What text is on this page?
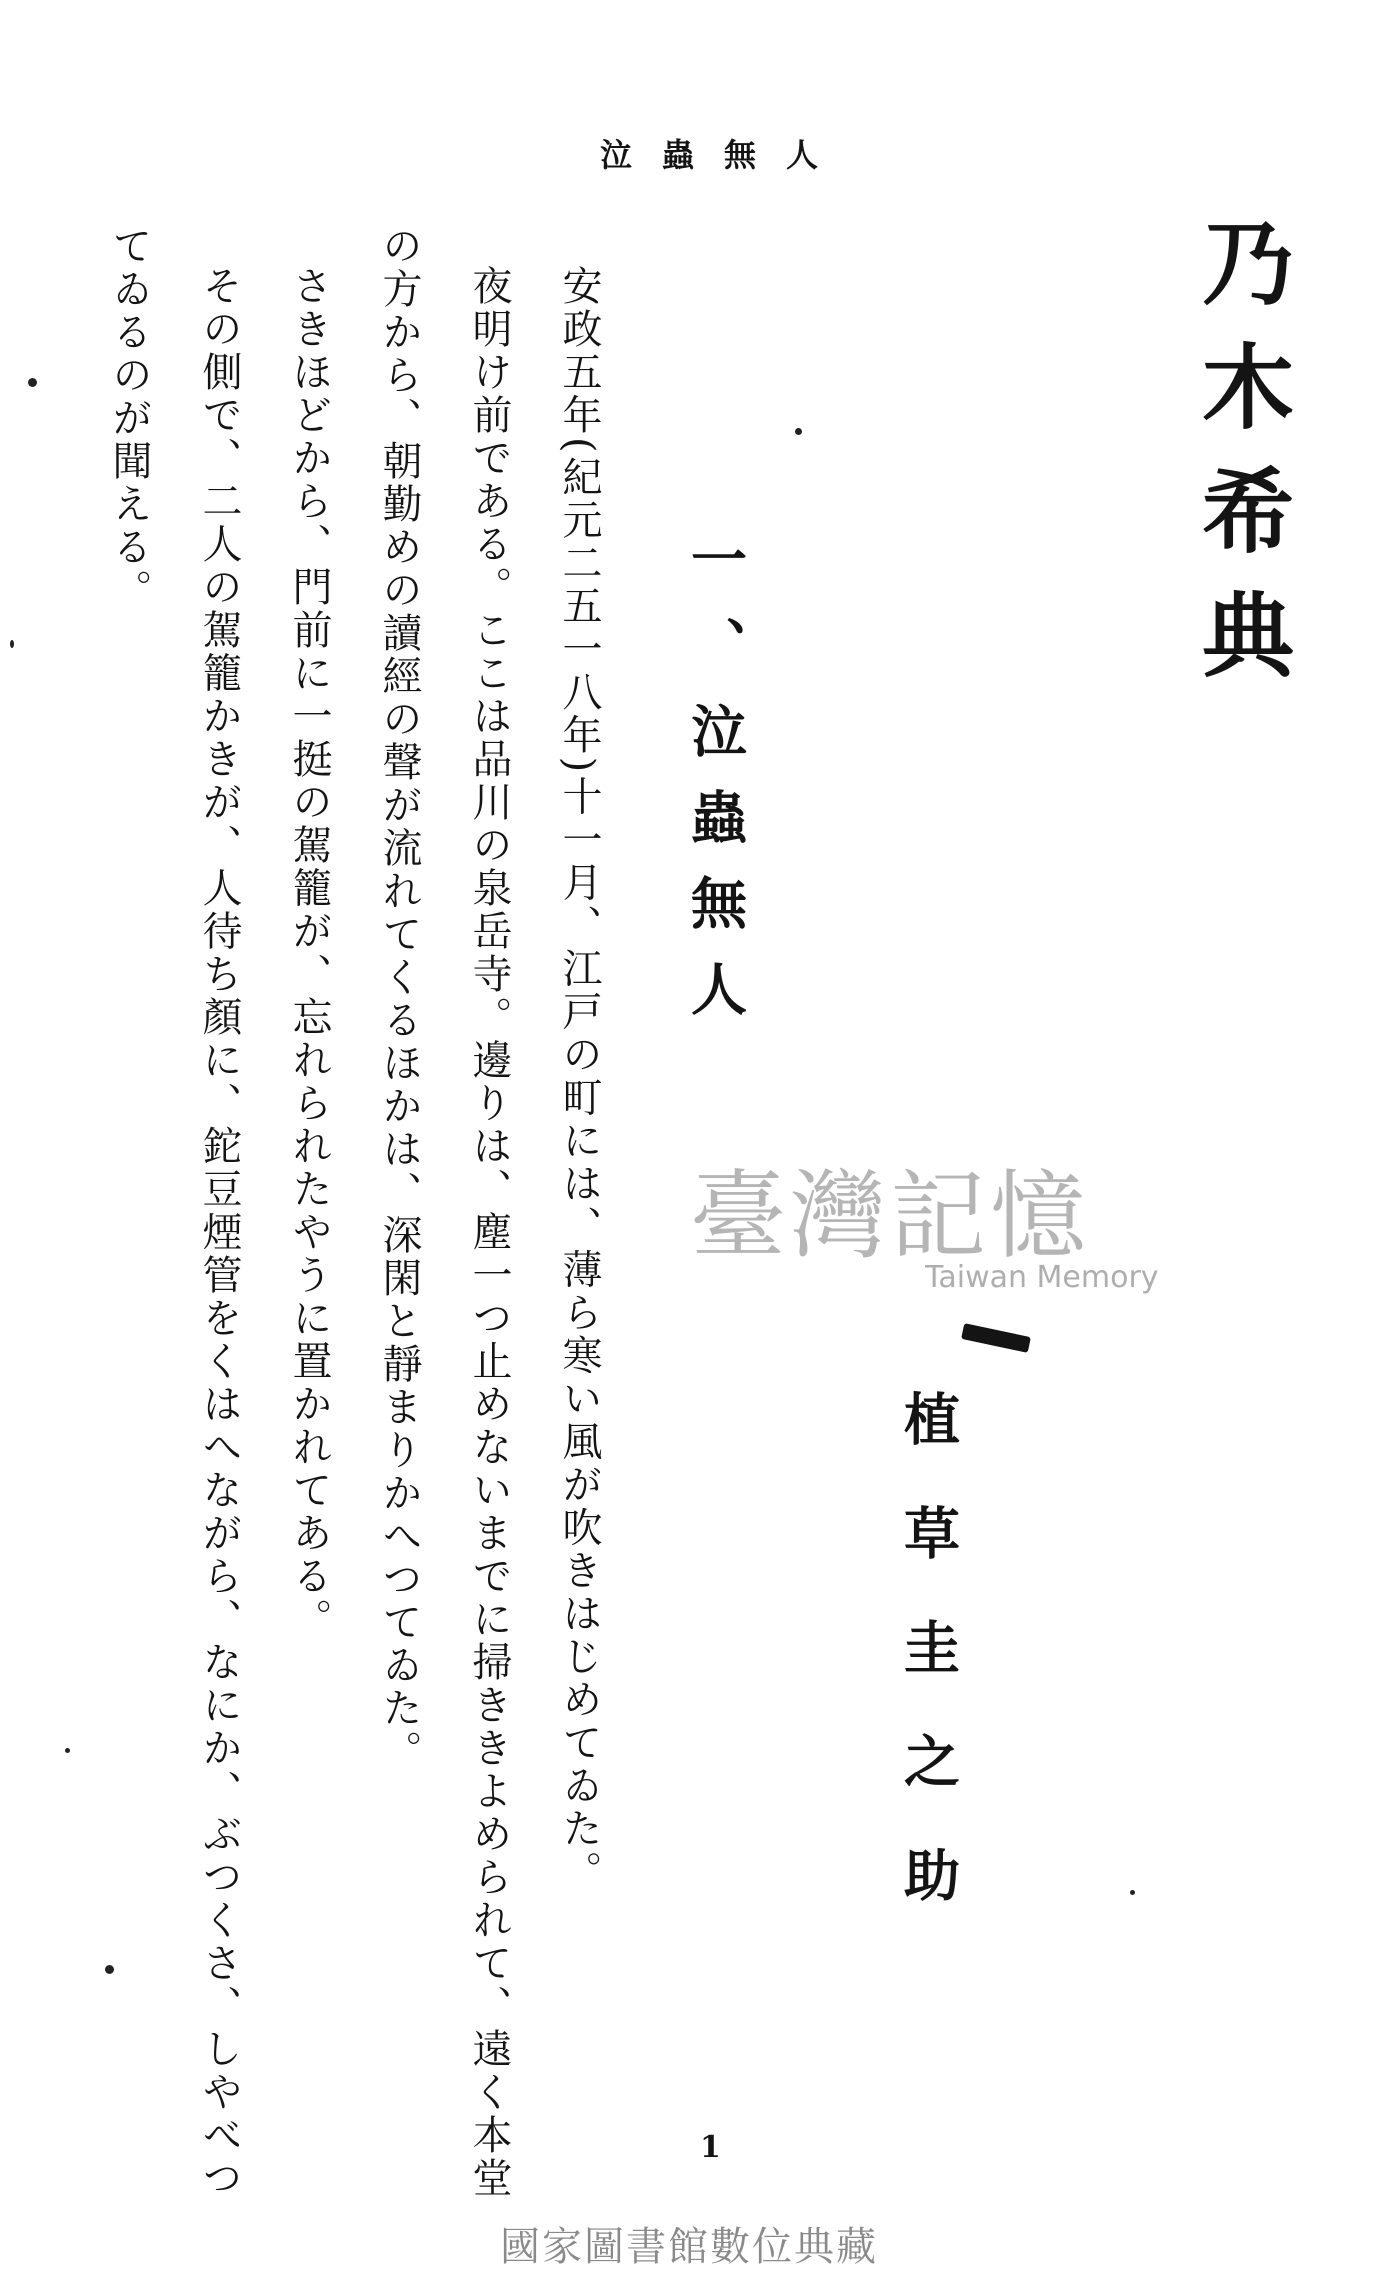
泣蟲無人
乃木希典
一、泣蟲無人
植草圭之助
安政五年(紀元二五一八年)十一月、江戸の町には、薄ら寒い風が吹きはじめてゐた。
夜明け前である。ここは品川の泉岳寺。邊りは、塵一つ止めないまでに掃ききよめられて、遠く本堂
の方から、朝勤めの讀經の聲が流れてくるほかは、深閑と靜まりかへつてゐた。
さきほどから、門前に一挺の駕籠が、忘れられたやうに置かれてある。
その側で、二人の駕籠かきが、人待ち顏に、鉈豆煙管をくはへながら、なにか、ぶつくさ、しやべつ
てゐるのが聞える。
臺灣記憶
Taiwan Memory
1
國家圖書館數位典藏
